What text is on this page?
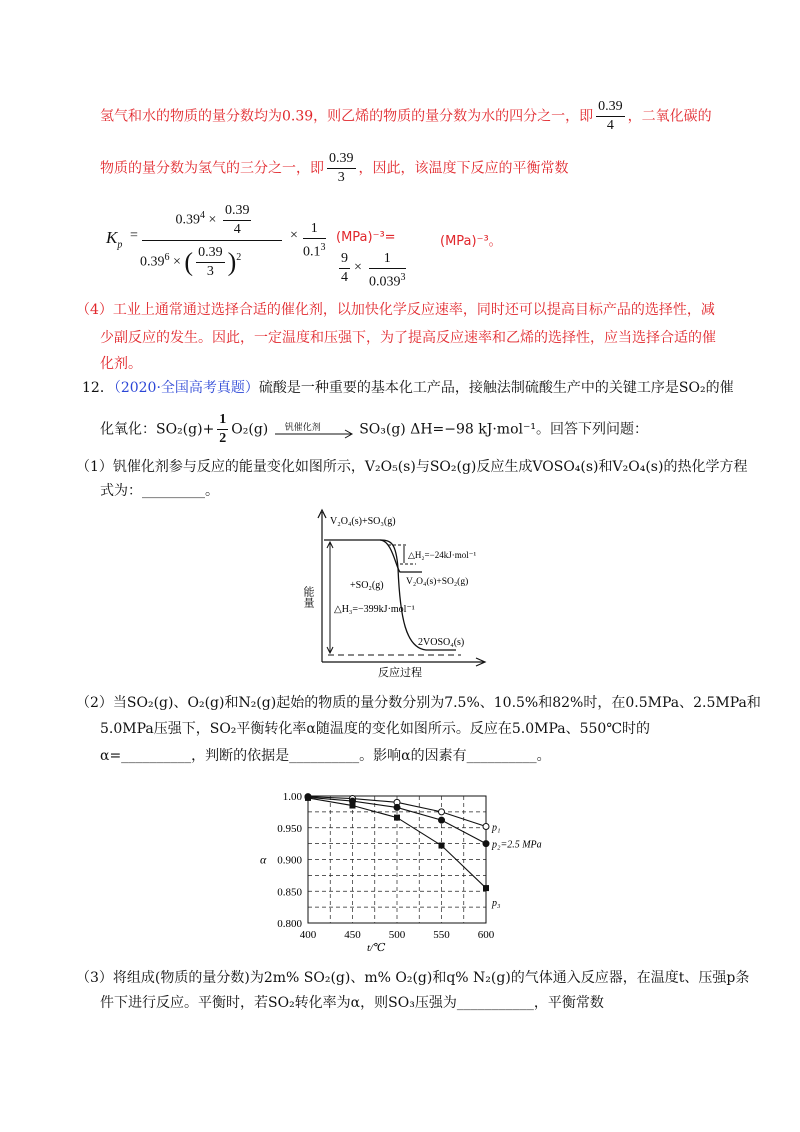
氢气和水的物质的量分数均为0.39，则乙烯的物质的量分数为水的四分之一，即 $\frac{0.39}{4}$ ，二氧化碳的
物质的量分数为氢气的三分之一，即 $\frac{0.39}{3}$ ，因此，该温度下反应的平衡常数
$K_p$
=
$0.39^4 \times \frac{0.39}{4}$
$0.39^6$ × ( $\frac{0.39}{3} )^2$
× $\frac{1}{0.1^3} (MPa)^{-3}=$
$\frac{9}{4} \times \frac{1}{0.039^3}$
(MPa)⁻³。
（4）工业上通常通过选择合适的催化剂，以加快化学反应速率，同时还可以提高目标产品的选择性，减
少副反应的发生。因此，一定温度和压强下，为了提高反应速率和乙烯的选择性，应当选择合适的催
化剂。
12．（2020·全国高考真题）硫酸是一种重要的基本化工产品，接触法制硫酸生产中的关键工序是SO₂的催
化氧化：$SO_2(g)+ \frac{1}{2} O_2(g)$ 钒催化剂	SO₃(g) ΔH=−98 kJ·mol⁻¹。回答下列问题：
（1）钒催化剂参与反应的能量变化如图所示，V₂O₅(s)与SO₂(g)反应生成VOSO₄(s)和V₂O₄(s)的热化学方程
式为：_________。
V₂O₄(s)+SO₃(g)
△H₂=−24kJ·mol⁻¹
V₂O₄(s)+SO₂(g)
+SO₂(g)
△H₃=−399kJ·mol⁻¹
2VOSO₄(s)
能量
反应过程
（2）当SO₂(g)、O₂(g)和N₂(g)起始的物质的量分数分别为7.5%、10.5%和82%时，在0.5MPa、2.5MPa和
5.0MPa压强下，SO₂平衡转化率α随温度的变化如图所示。反应在5.0MPa、550℃时的
α=__________，判断的依据是__________。影响α的因素有__________。
400	450	500	550	600
0.800
0.850
0.900
0.950
1.00
t/℃
α
p₁
p₂=2.5 MPa
p₃
（3）将组成(物质的量分数)为2m% SO₂(g)、m% O₂(g)和q% N₂(g)的气体通入反应器，在温度t、压强p条
件下进行反应。平衡时，若SO₂转化率为α，则SO₃压强为___________，平衡常数
